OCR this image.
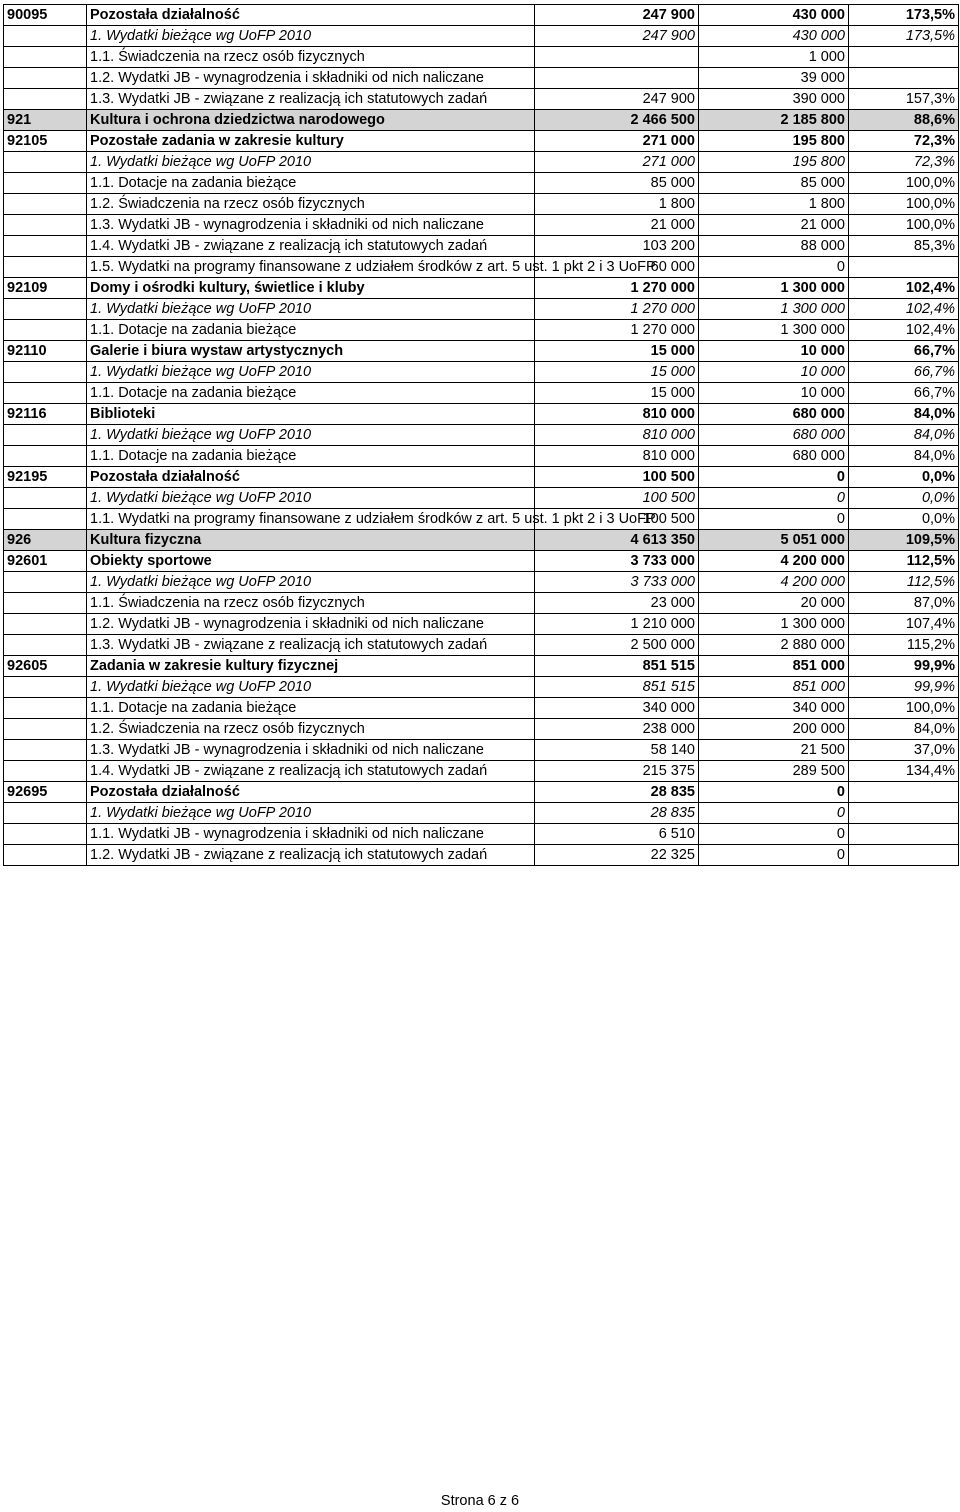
90095	Pozostała działalność	247 900	430 000	173,5%
	1. Wydatki bieżące wg UoFP 2010	247 900	430 000	173,5%
	1.1. Świadczenia na rzecz osób fizycznych		1 000	
	1.2. Wydatki JB - wynagrodzenia i składniki od nich naliczane		39 000	
	1.3. Wydatki JB - związane z realizacją ich statutowych zadań	247 900	390 000	157,3%
921	Kultura i ochrona dziedzictwa narodowego	2 466 500	2 185 800	88,6%
92105	Pozostałe zadania w zakresie kultury	271 000	195 800	72,3%
	1. Wydatki bieżące wg UoFP 2010	271 000	195 800	72,3%
	1.1. Dotacje na zadania bieżące	85 000	85 000	100,0%
	1.2. Świadczenia na rzecz osób fizycznych	1 800	1 800	100,0%
	1.3. Wydatki JB - wynagrodzenia i składniki od nich naliczane	21 000	21 000	100,0%
	1.4. Wydatki JB - związane z realizacją ich statutowych zadań	103 200	88 000	85,3%
	1.5. Wydatki na programy finansowane z udziałem środków z art. 5 ust. 1 pkt 2 i 3 UoFP	60 000	0	
92109	Domy i ośrodki kultury, świetlice i kluby	1 270 000	1 300 000	102,4%
	1. Wydatki bieżące wg UoFP 2010	1 270 000	1 300 000	102,4%
	1.1. Dotacje na zadania bieżące	1 270 000	1 300 000	102,4%
92110	Galerie i biura wystaw artystycznych	15 000	10 000	66,7%
	1. Wydatki bieżące wg UoFP 2010	15 000	10 000	66,7%
	1.1. Dotacje na zadania bieżące	15 000	10 000	66,7%
92116	Biblioteki	810 000	680 000	84,0%
	1. Wydatki bieżące wg UoFP 2010	810 000	680 000	84,0%
	1.1. Dotacje na zadania bieżące	810 000	680 000	84,0%
92195	Pozostała działalność	100 500	0	0,0%
	1. Wydatki bieżące wg UoFP 2010	100 500	0	0,0%
	1.1. Wydatki na programy finansowane z udziałem środków z art. 5 ust. 1 pkt 2 i 3 UoFP	100 500	0	0,0%
926	Kultura fizyczna	4 613 350	5 051 000	109,5%
92601	Obiekty sportowe	3 733 000	4 200 000	112,5%
	1. Wydatki bieżące wg UoFP 2010	3 733 000	4 200 000	112,5%
	1.1. Świadczenia na rzecz osób fizycznych	23 000	20 000	87,0%
	1.2. Wydatki JB - wynagrodzenia i składniki od nich naliczane	1 210 000	1 300 000	107,4%
	1.3. Wydatki JB - związane z realizacją ich statutowych zadań	2 500 000	2 880 000	115,2%
92605	Zadania w zakresie kultury fizycznej	851 515	851 000	99,9%
	1. Wydatki bieżące wg UoFP 2010	851 515	851 000	99,9%
	1.1. Dotacje na zadania bieżące	340 000	340 000	100,0%
	1.2. Świadczenia na rzecz osób fizycznych	238 000	200 000	84,0%
	1.3. Wydatki JB - wynagrodzenia i składniki od nich naliczane	58 140	21 500	37,0%
	1.4. Wydatki JB - związane z realizacją ich statutowych zadań	215 375	289 500	134,4%
92695	Pozostała działalność	28 835	0	
	1. Wydatki bieżące wg UoFP 2010	28 835	0	
	1.1. Wydatki JB - wynagrodzenia i składniki od nich naliczane	6 510	0	
	1.2. Wydatki JB - związane z realizacją ich statutowych zadań	22 325	0	
Strona 6 z 6
